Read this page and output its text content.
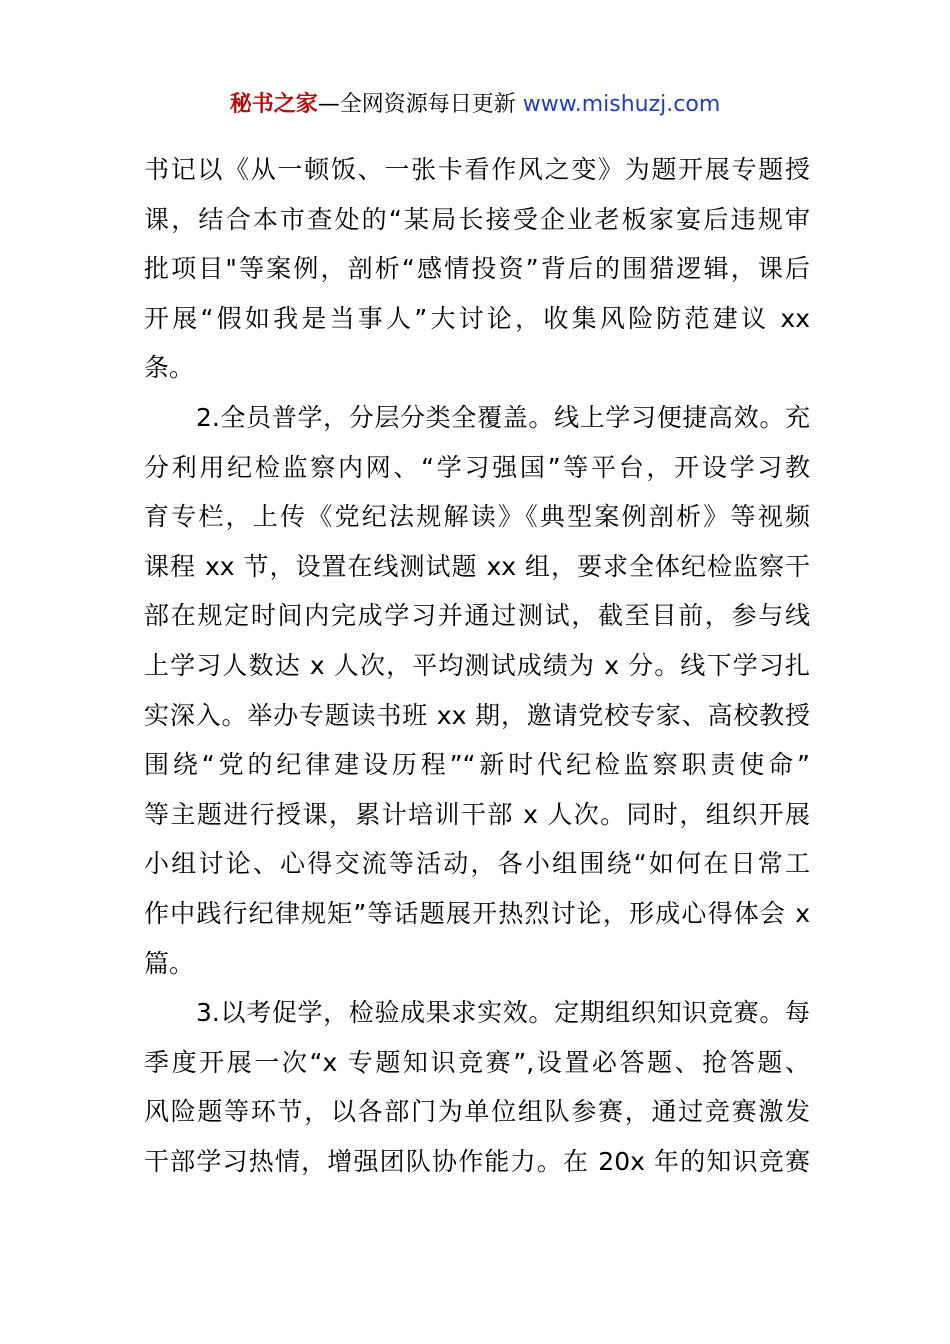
秘书之家—全网资源每日更新 www.mishuzj.com
书记以《从一顿饭、一张卡看作风之变》为题开展专题授
课，结合本市查处的“某局长接受企业老板家宴后违规审
批项目"等案例，剖析“感情投资”背后的围猎逻辑，课后
开展“假如我是当事人”大讨论，收集风险防范建议 xx
条。
2.全员普学，分层分类全覆盖。线上学习便捷高效。充
分利用纪检监察内网、“学习强国”等平台，开设学习教
育专栏，上传《党纪法规解读》《典型案例剖析》等视频
课程 xx 节，设置在线测试题 xx 组，要求全体纪检监察干
部在规定时间内完成学习并通过测试，截至目前，参与线
上学习人数达 x 人次，平均测试成绩为 x 分。线下学习扎
实深入。举办专题读书班 xx 期，邀请党校专家、高校教授
围绕“党的纪律建设历程”“新时代纪检监察职责使命”
等主题进行授课，累计培训干部 x 人次。同时，组织开展
小组讨论、心得交流等活动，各小组围绕“如何在日常工
作中践行纪律规矩”等话题展开热烈讨论，形成心得体会 x
篇。
3.以考促学，检验成果求实效。定期组织知识竞赛。每
季度开展一次“x 专题知识竞赛”,设置必答题、抢答题、
风险题等环节，以各部门为单位组队参赛，通过竞赛激发
干部学习热情，增强团队协作能力。在 20x 年的知识竞赛
